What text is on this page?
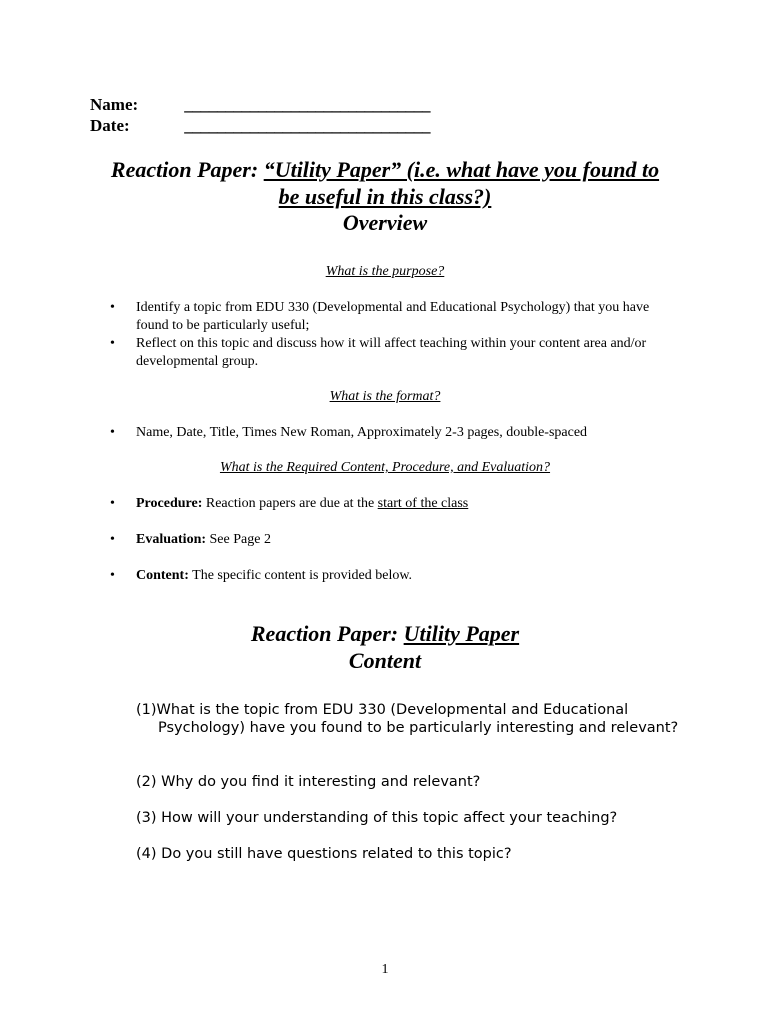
Name:	______________________________
Date:	______________________________
Reaction Paper: “Utility Paper” (i.e. what have you found to
be useful in this class?)
Overview
What is the purpose?
• Identify a topic from EDU 330 (Developmental and Educational Psychology) that you have found to be particularly useful;
• Reflect on this topic and discuss how it will affect teaching within your content area and/or developmental group.
What is the format?
• Name, Date, Title, Times New Roman, Approximately 2-3 pages, double-spaced
What is the Required Content, Procedure, and Evaluation?
• Procedure: Reaction papers are due at the start of the class
• Evaluation: See Page 2
• Content: The specific content is provided below.
Reaction Paper: Utility Paper
Content
(1)What is the topic from EDU 330 (Developmental and Educational Psychology) have you found to be particularly interesting and relevant?
(2) Why do you find it interesting and relevant?
(3) How will your understanding of this topic affect your teaching?
(4) Do you still have questions related to this topic?
1
